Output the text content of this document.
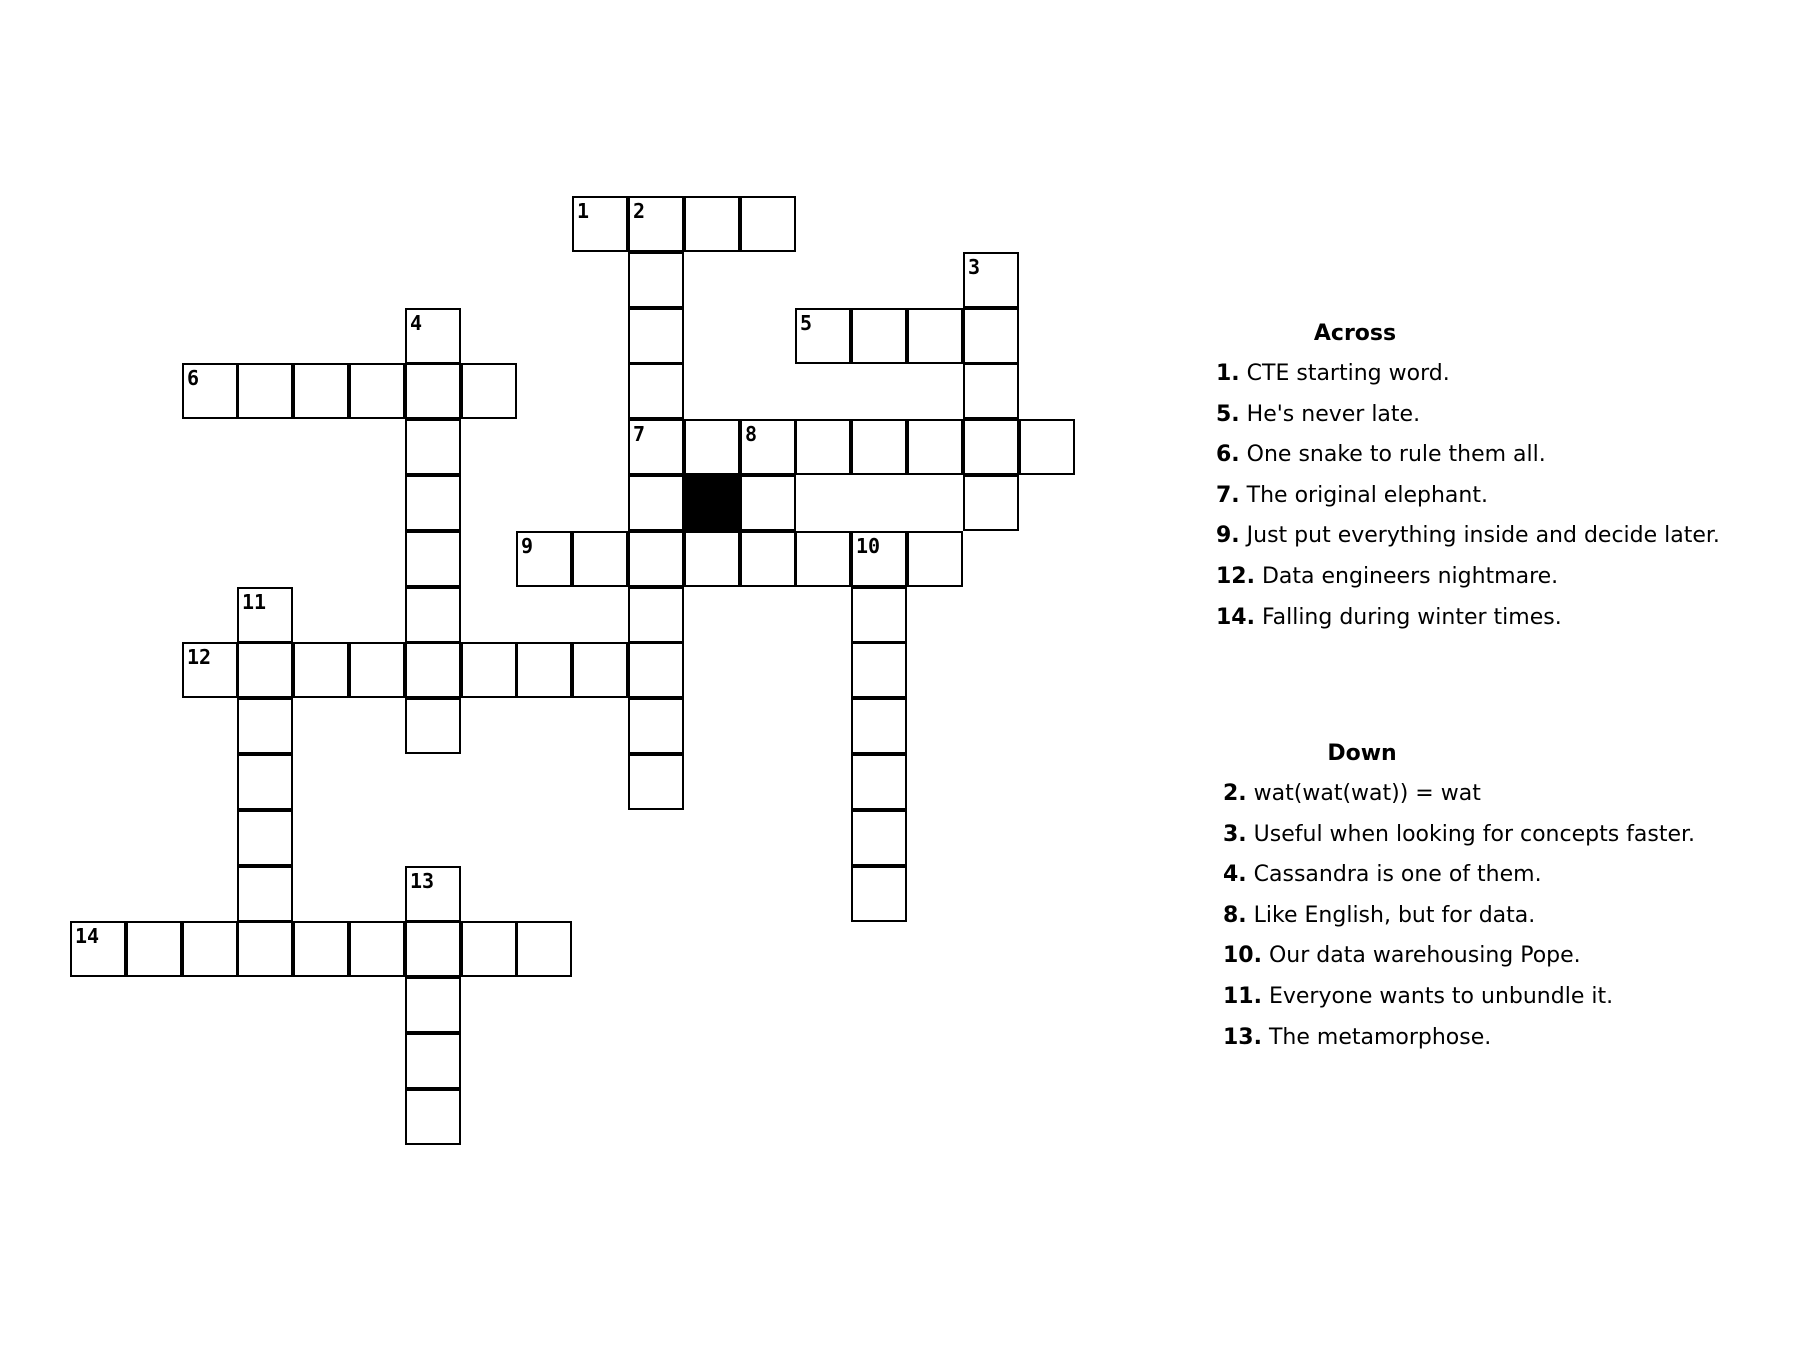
1 2
3
4	5
6
7	8
9	10
11
12
13
14
Across
1. CTE starting word.
5. He's never late.
6. One snake to rule them all.
7. The original elephant.
9. Just put everything inside and decide later.
12. Data engineers nightmare.
14. Falling during winter times.
Down
2. wat(wat(wat)) = wat
3. Useful when looking for concepts faster.
4. Cassandra is one of them.
8. Like English, but for data.
10. Our data warehousing Pope.
11. Everyone wants to unbundle it.
13. The metamorphose.
